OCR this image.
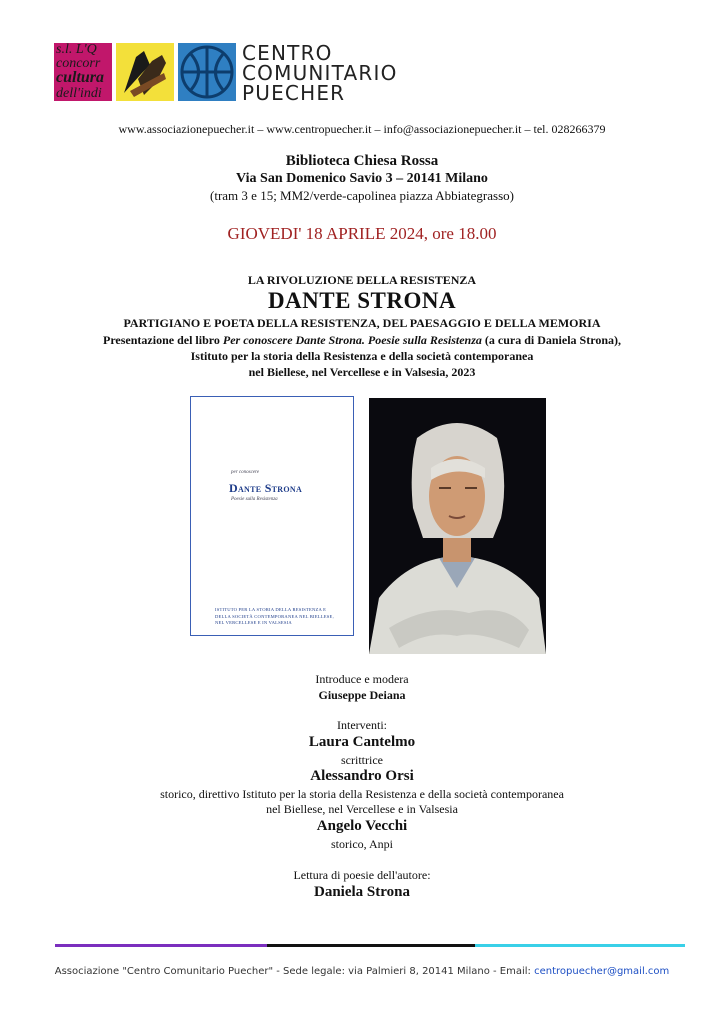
s.l. L'Q
concorr
cultura
dell'indi
CENTRO
COMUNITARIO
PUECHER
www.associazionepuecher.it – www.centropuecher.it – info@associazionepuecher.it – tel. 028266379
Biblioteca Chiesa Rossa
Via San Domenico Savio 3 – 20141 Milano
(tram 3 e 15; MM2/verde-capolinea piazza Abbiategrasso)
GIOVEDI' 18 APRILE 2024, ore 18.00
LA RIVOLUZIONE DELLA RESISTENZA
DANTE STRONA
PARTIGIANO E POETA DELLA RESISTENZA, DEL PAESAGGIO E DELLA MEMORIA
Presentazione del libro Per conoscere Dante Strona. Poesie sulla Resistenza (a cura di Daniela Strona),
Istituto per la storia della Resistenza e della società contemporanea
nel Biellese, nel Vercellese e in Valsesia, 2023
per conoscere
Dante Strona
Poesie sulla Resistenza
ISTITUTO PER LA STORIA DELLA RESISTENZA E DELLA SOCIETÀ CONTEMPORANEA NEL BIELLESE, NEL VERCELLESE E IN VALSESIA
Introduce e modera
Giuseppe Deiana
Interventi:
Laura Cantelmo
scrittrice
Alessandro Orsi
storico, direttivo Istituto per la storia della Resistenza e della società contemporanea
nel Biellese, nel Vercellese e in Valsesia
Angelo Vecchi
storico, Anpi
Lettura di poesie dell'autore:
Daniela Strona
Associazione "Centro Comunitario Puecher" - Sede legale: via Palmieri 8, 20141 Milano - Email: centropuecher@gmail.com
